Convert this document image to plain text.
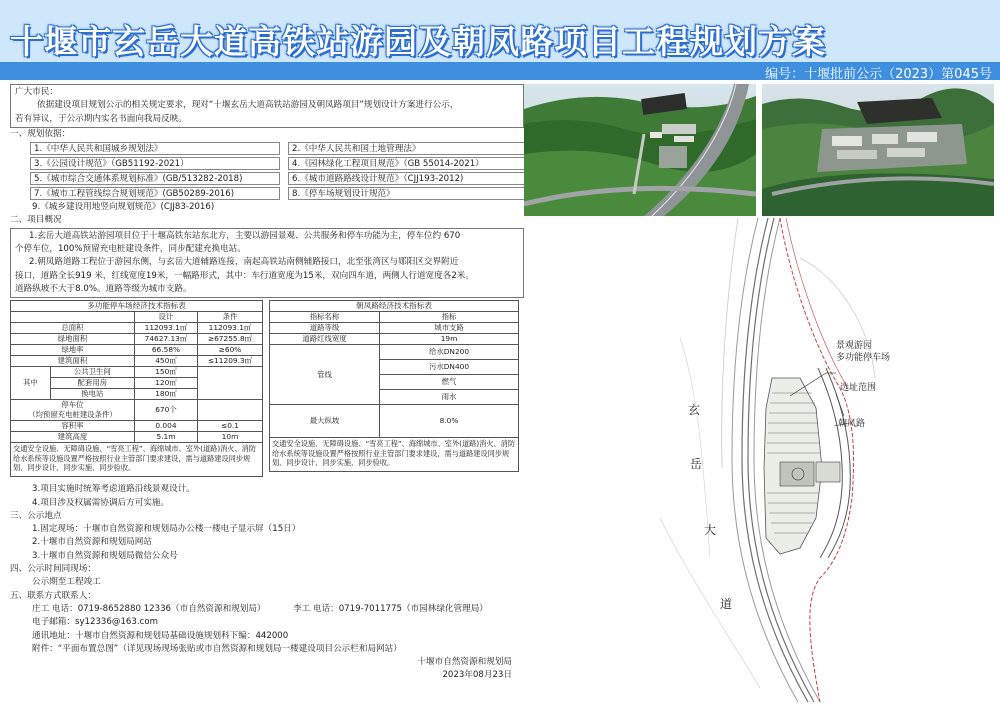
十堰市玄岳大道高铁站游园及朝凤路项目工程规划方案
编号：十堰批前公示（2023）第045号
广大市民：
依据建设项目规划公示的相关规定要求，现对“十堰玄岳大道高铁站游园及朝凤路项目”规划设计方案进行公示，
若有异议，于公示期内实名书面向我局反映。
一、规划依据：
1.《中华人民共和国城乡规划法》	2.《中华人民共和国土地管理法》
3.《公园设计规范》（GB51192-2021）	4.《园林绿化工程项目规范》（GB 55014-2021）
5.《城市综合交通体系规划标准》(GB/513282-2018)	6.《城市道路路线设计规范》（CJJ193-2012)
7.《城市工程管线综合规划规范》(GB50289-2016)	8.《停车场规划设计规范》
9.《城乡建设用地竖向规划规范》(CJJ83-2016)
二、项目概况
1.玄岳大道高铁站游园项目位于十堰高铁东站东北方，主要以游园景观、公共服务和停车功能为主，停车位约 670
个停车位，100%预留充电桩建设条件，同步配建充换电站。
2.朝凤路道路工程位于游园东侧，与玄岳大道辅路连接，南起高铁站南侧辅路接口，北至张湾区与郧阳区交界附近
接口，道路全长919 米，红线宽度19米，一幅路形式，其中：车行道宽度为15米，双向四车道，两侧人行道宽度各2米。
道路纵坡不大于8.0%。道路等级为城市支路。
多功能停车场经济技术指标表			
		设计	条件
总面积		112093.1㎡	112093.1㎡
绿地面积		74627.13㎡	≥67255.8㎡
绿地率		66.58%	≥60%
建筑面积		450㎡	≤11209.3㎡
其中	公共卫生间	150㎡	
	配套用房	120㎡	
	换电站	180㎡	

停车位
（均预留充电桩建设条件）		670个	
容积率		0.004	≤0.1
建筑高度		5.1m	10m
交通安全设施、无障碍设施、“雪亮工程”、海绵城市、室外(道路)消火、消防给水系统等设施设置严格按照行业主管部门要求建设，需与道路建设同步规划、同步设计、同步实施、同步验收。
朝凤路经济技术指标表	
指标名称	指标
道路等级	城市支路
道路红线宽度	19m
管线	给水DN200
	污水DN400
	燃气
	雨水
最大纵坡	8.0%
交通安全设施、无障碍设施、“雪亮工程”、海绵城市、室外(道路)消火、消防给水系统等设施设置严格按照行业主管部门要求建设，需与道路建设同步规划、同步设计、同步实施、同步验收。
3.项目实施时统筹考虑道路沿线景观设计。
4.项目涉及权属需协调后方可实施。
三、公示地点
1.固定现场：十堰市自然资源和规划局办公楼一楼电子显示屏（15日）
2.十堰市自然资源和规划局网站
3.十堰市自然资源和规划局微信公众号
四、公示时间同现场：
公示期至工程竣工
五、联系方式联系人：
庄工 电话：0719-8652880 12336（市自然资源和规划局）	李工 电话：0719-7011775（市园林绿化管理局）
电子邮箱：sy12336@163.com
通讯地址：十堰市自然资源和规划局基础设施规划科下编：442000
附件：“平面布置总图”（详见现场现场张贴或市自然资源和规划局一楼建设项目公示栏和局网站）
十堰市自然资源和规划局
2023年08月23日
景观游园
多功能停车场
选址范围
朝凤路
玄
岳
大
道
